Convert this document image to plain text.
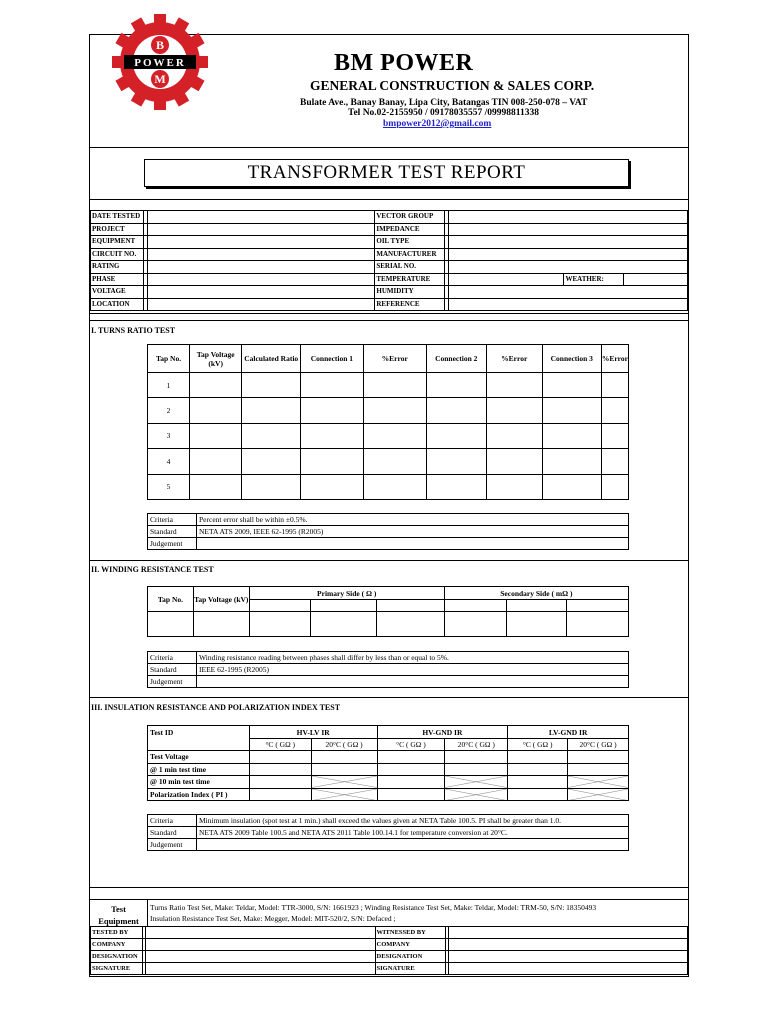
B
POWER
M
BM POWER
GENERAL CONSTRUCTION & SALES CORP.
Bulate Ave., Banay Banay, Lipa City, Batangas TIN 008-250-078 – VAT
Tel No.02-2155950 / 09178035557 /09998811338
bmpower2012@gmail.com
TRANSFORMER TEST REPORT
DATE TESTED			VECTOR GROUP				
PROJECT			IMPEDANCE				
EQUIPMENT			OIL TYPE				
CIRCUIT NO.			MANUFACTURER				
RATING			SERIAL NO.				
PHASE			TEMPERATURE			WEATHER:	
VOLTAGE			HUMIDITY				
LOCATION			REFERENCE				
I. TURNS RATIO TEST
Tap No.	Tap Voltage (kV)	Calculated Ratio	Connection 1	%Error	Connection 2	%Error	Connection 3	%Error
1								
2								
3								
4								
5								
Criteria	Percent error shall be within ±0.5%.
Standard	NETA ATS 2009, IEEE 62-1995 (R2005)
Judgement	
II. WINDING RESISTANCE TEST
Tap No.	Tap Voltage (kV)	Primary Side ( Ω )			Secondary Side ( mΩ )		

Criteria	Winding resistance reading between phases shall differ by less than or equal to 5%.
Standard	IEEE 62-1995 (R2005)
Judgement	
III. INSULATION RESISTANCE AND POLARIZATION INDEX TEST
Test ID	HV-LV IR		HV-GND IR		LV-GND IR	
	°C ( GΩ )	20°C ( GΩ )	°C ( GΩ )	20°C ( GΩ )	°C ( GΩ )	20°C ( GΩ )
Test Voltage						
@ 1 min test time						
@ 10 min test time		

Polarization Index ( PI )		

Criteria	Minimum insulation (spot test at 1 min.) shall exceed the values given at NETA Table 100.5. PI shall be greater than 1.0.
Standard	NETA ATS 2009 Table 100.5 and NETA ATS 2011 Table 100.14.1 for temperature conversion at 20°C.
Judgement	
Test
Equipment
Turns Ratio Test Set, Make: Teldar, Model: TTR-3000, S/N: 1661923 ; Winding Resistance Test Set, Make: Teldar, Model: TRM-50, S/N: 18350493
Insulation Resistance Test Set, Make: Megger, Model: MIT-520/2, S/N: Defaced ;
TESTED BY			WITNESSED BY		
COMPANY			COMPANY		
DESIGNATION			DESIGNATION		
SIGNATURE			SIGNATURE		
